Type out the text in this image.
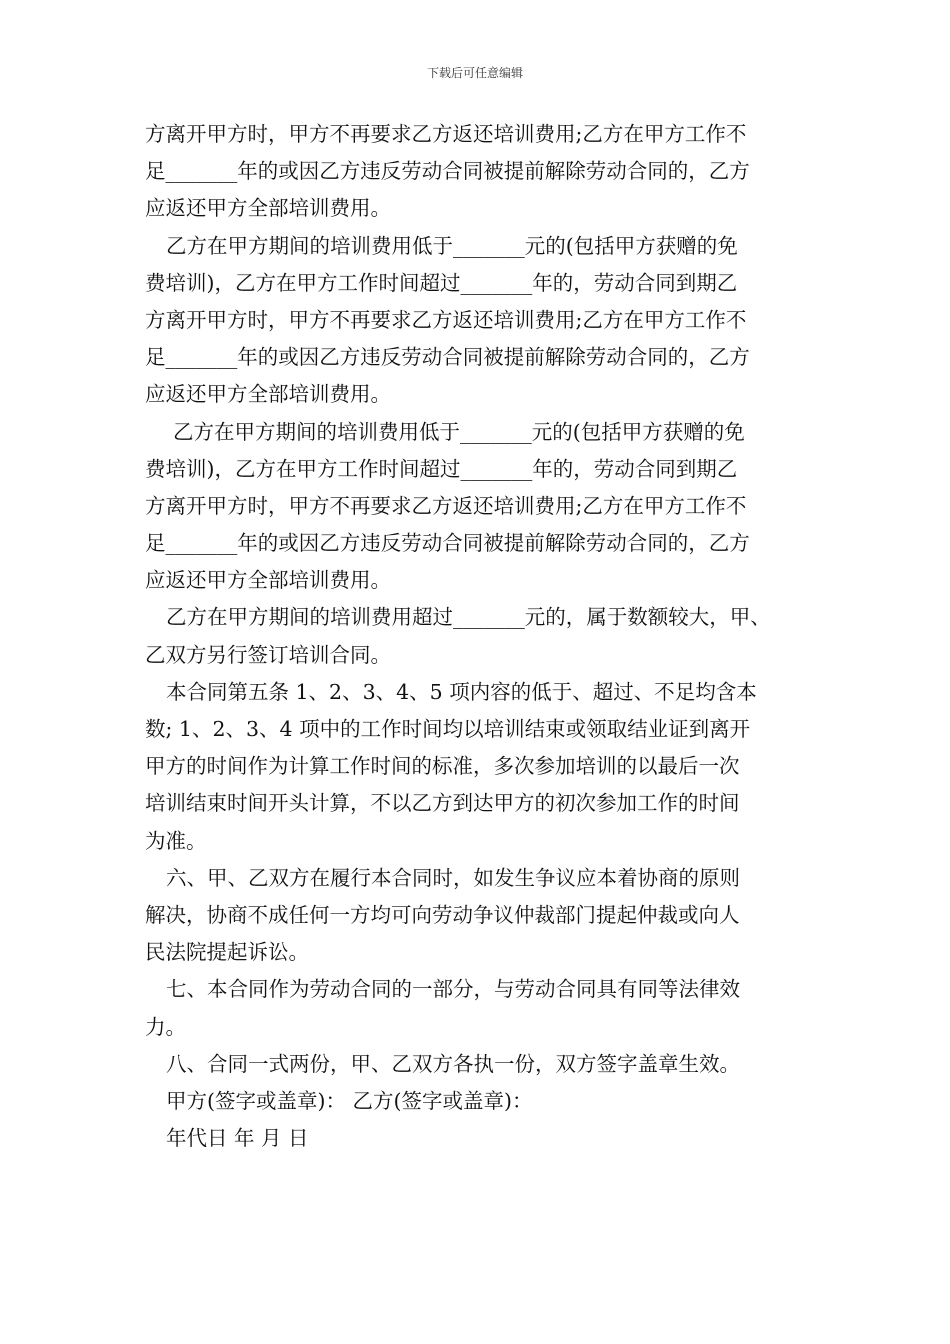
下载后可任意编辑
方离开甲方时，甲方不再要求乙方返还培训费用;乙方在甲方工作不
足_______年的或因乙方违反劳动合同被提前解除劳动合同的，乙方
应返还甲方全部培训费用。
乙方在甲方期间的培训费用低于_______元的(包括甲方获赠的免
费培训)，乙方在甲方工作时间超过_______年的，劳动合同到期乙
方离开甲方时，甲方不再要求乙方返还培训费用;乙方在甲方工作不
足_______年的或因乙方违反劳动合同被提前解除劳动合同的，乙方
应返还甲方全部培训费用。
乙方在甲方期间的培训费用低于_______元的(包括甲方获赠的免
费培训)，乙方在甲方工作时间超过_______年的，劳动合同到期乙
方离开甲方时，甲方不再要求乙方返还培训费用;乙方在甲方工作不
足_______年的或因乙方违反劳动合同被提前解除劳动合同的，乙方
应返还甲方全部培训费用。
乙方在甲方期间的培训费用超过_______元的，属于数额较大，甲、
乙双方另行签订培训合同。
本合同第五条 1、2、3、4、5 项内容的低于、超过、不足均含本
数; 1、2、3、4 项中的工作时间均以培训结束或领取结业证到离开
甲方的时间作为计算工作时间的标准，多次参加培训的以最后一次
培训结束时间开头计算，不以乙方到达甲方的初次参加工作的时间
为准。
六、甲、乙双方在履行本合同时，如发生争议应本着协商的原则
解决，协商不成任何一方均可向劳动争议仲裁部门提起仲裁或向人
民法院提起诉讼。
七、本合同作为劳动合同的一部分，与劳动合同具有同等法律效
力。
八、合同一式两份，甲、乙双方各执一份，双方签字盖章生效。
甲方(签字或盖章)： 乙方(签字或盖章)：
年代日 年 月 日
